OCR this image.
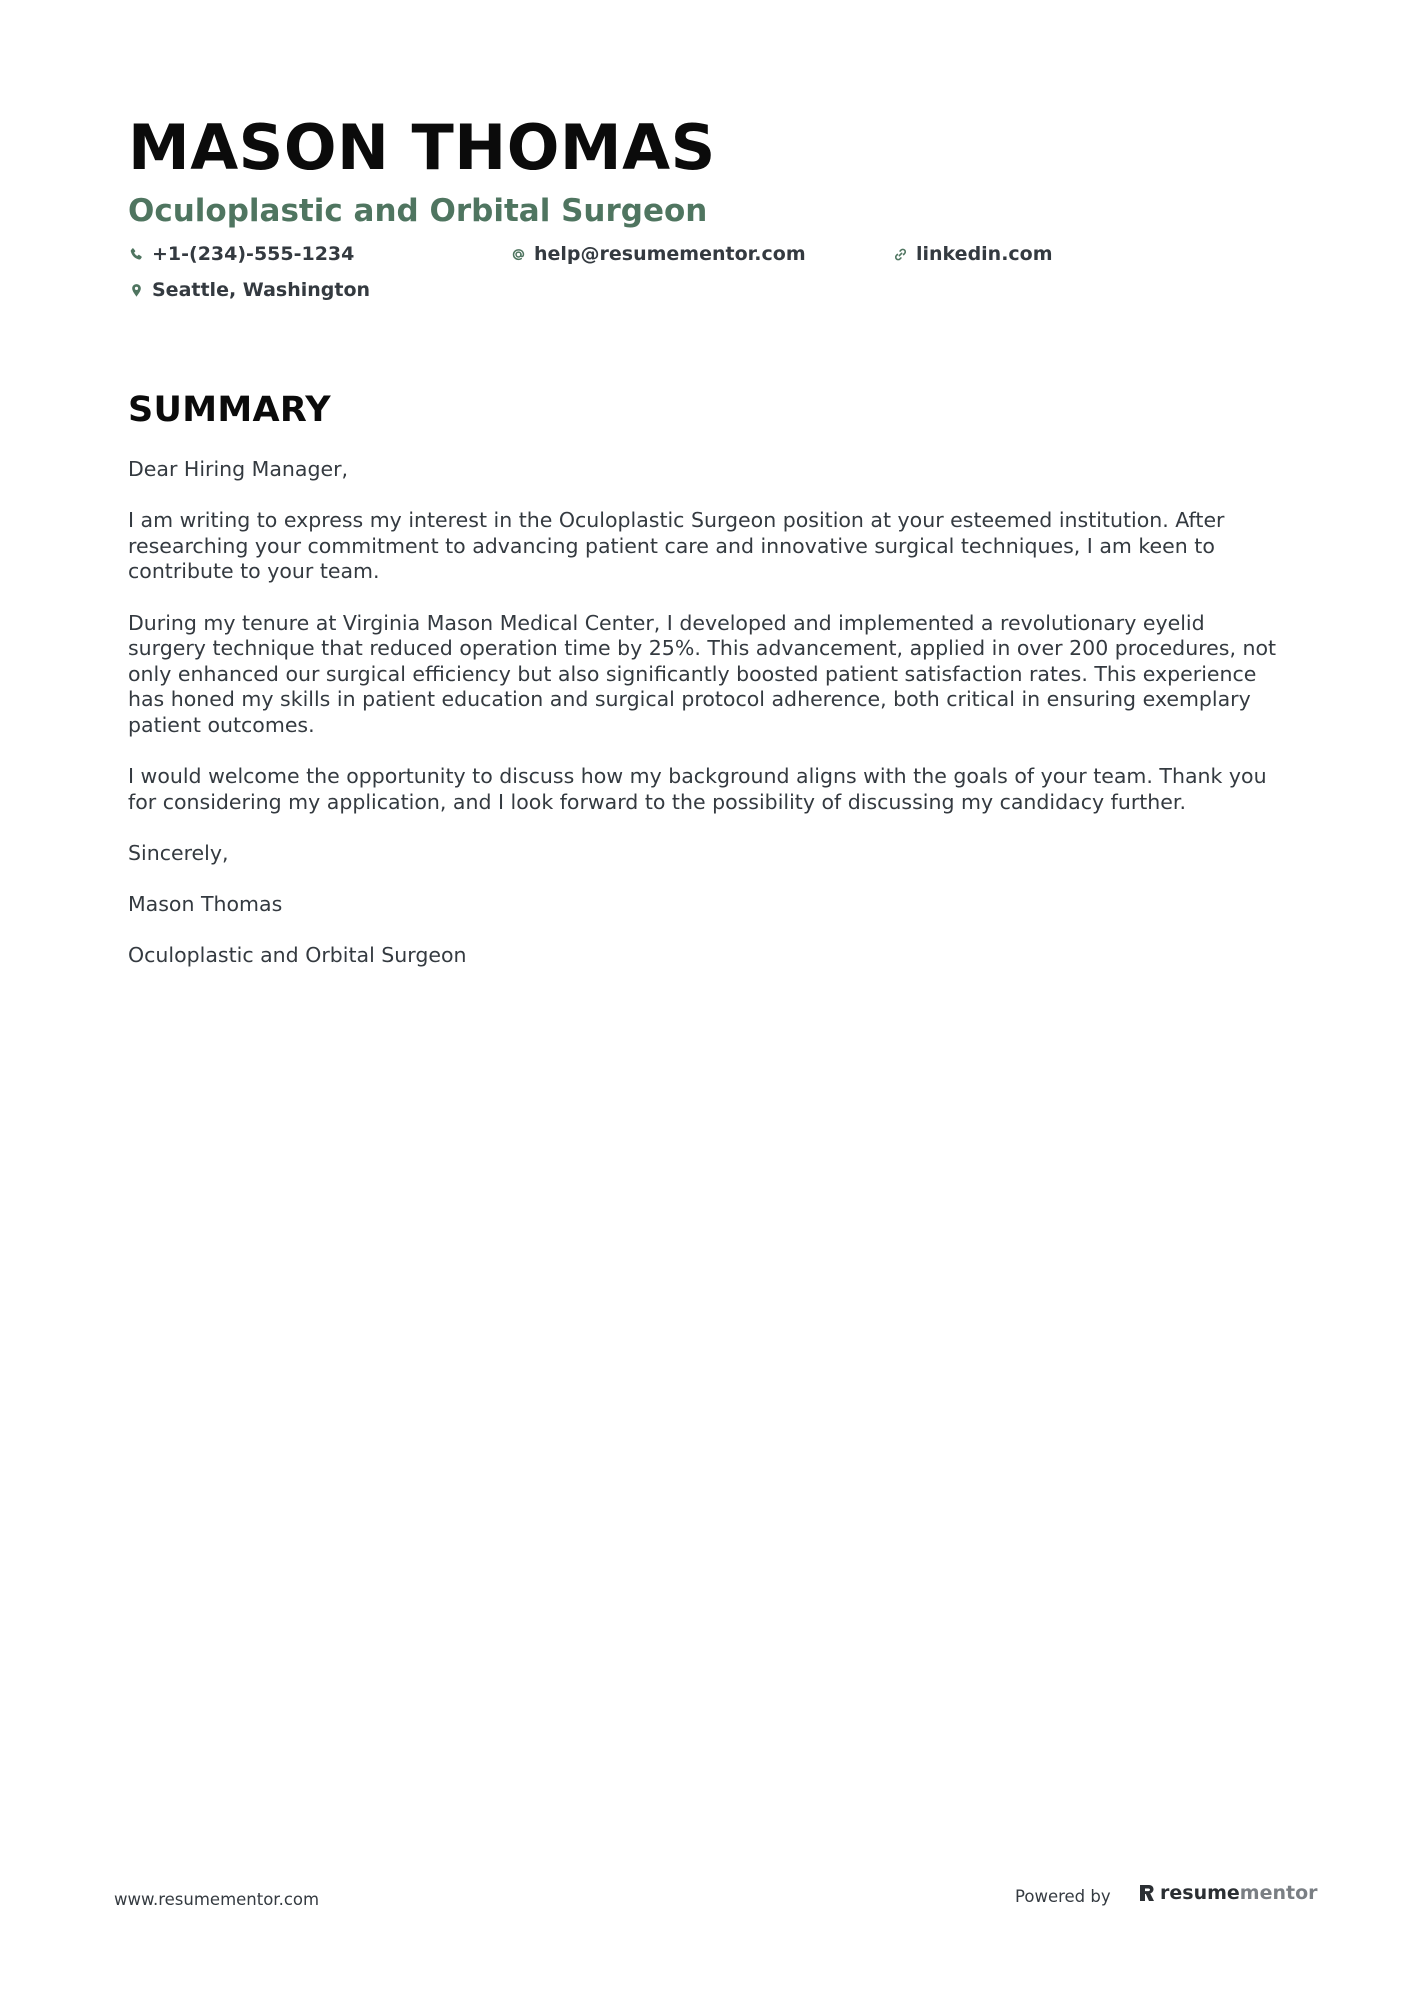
MASON THOMAS
Oculoplastic and Orbital Surgeon
+1-(234)-555-1234	help@resumementor.com	linkedin.com
Seattle, Washington
SUMMARY

Dear Hiring Manager,

I am writing to express my interest in the Oculoplastic Surgeon position at your esteemed institution. After researching your commitment to advancing patient care and innovative surgical techniques, I am keen to contribute to your team.

During my tenure at Virginia Mason Medical Center, I developed and implemented a revolutionary eyelid surgery technique that reduced operation time by 25%. This advancement, applied in over 200 procedures, not only enhanced our surgical efficiency but also significantly boosted patient satisfaction rates. This experience has honed my skills in patient education and surgical protocol adherence, both critical in ensuring exemplary patient outcomes.

I would welcome the opportunity to discuss how my background aligns with the goals of your team. Thank you for considering my application, and I look forward to the possibility of discussing my candidacy further.

Sincerely,

Mason Thomas

Oculoplastic and Orbital Surgeon

www.resumementor.com	Powered by	resume mentor
